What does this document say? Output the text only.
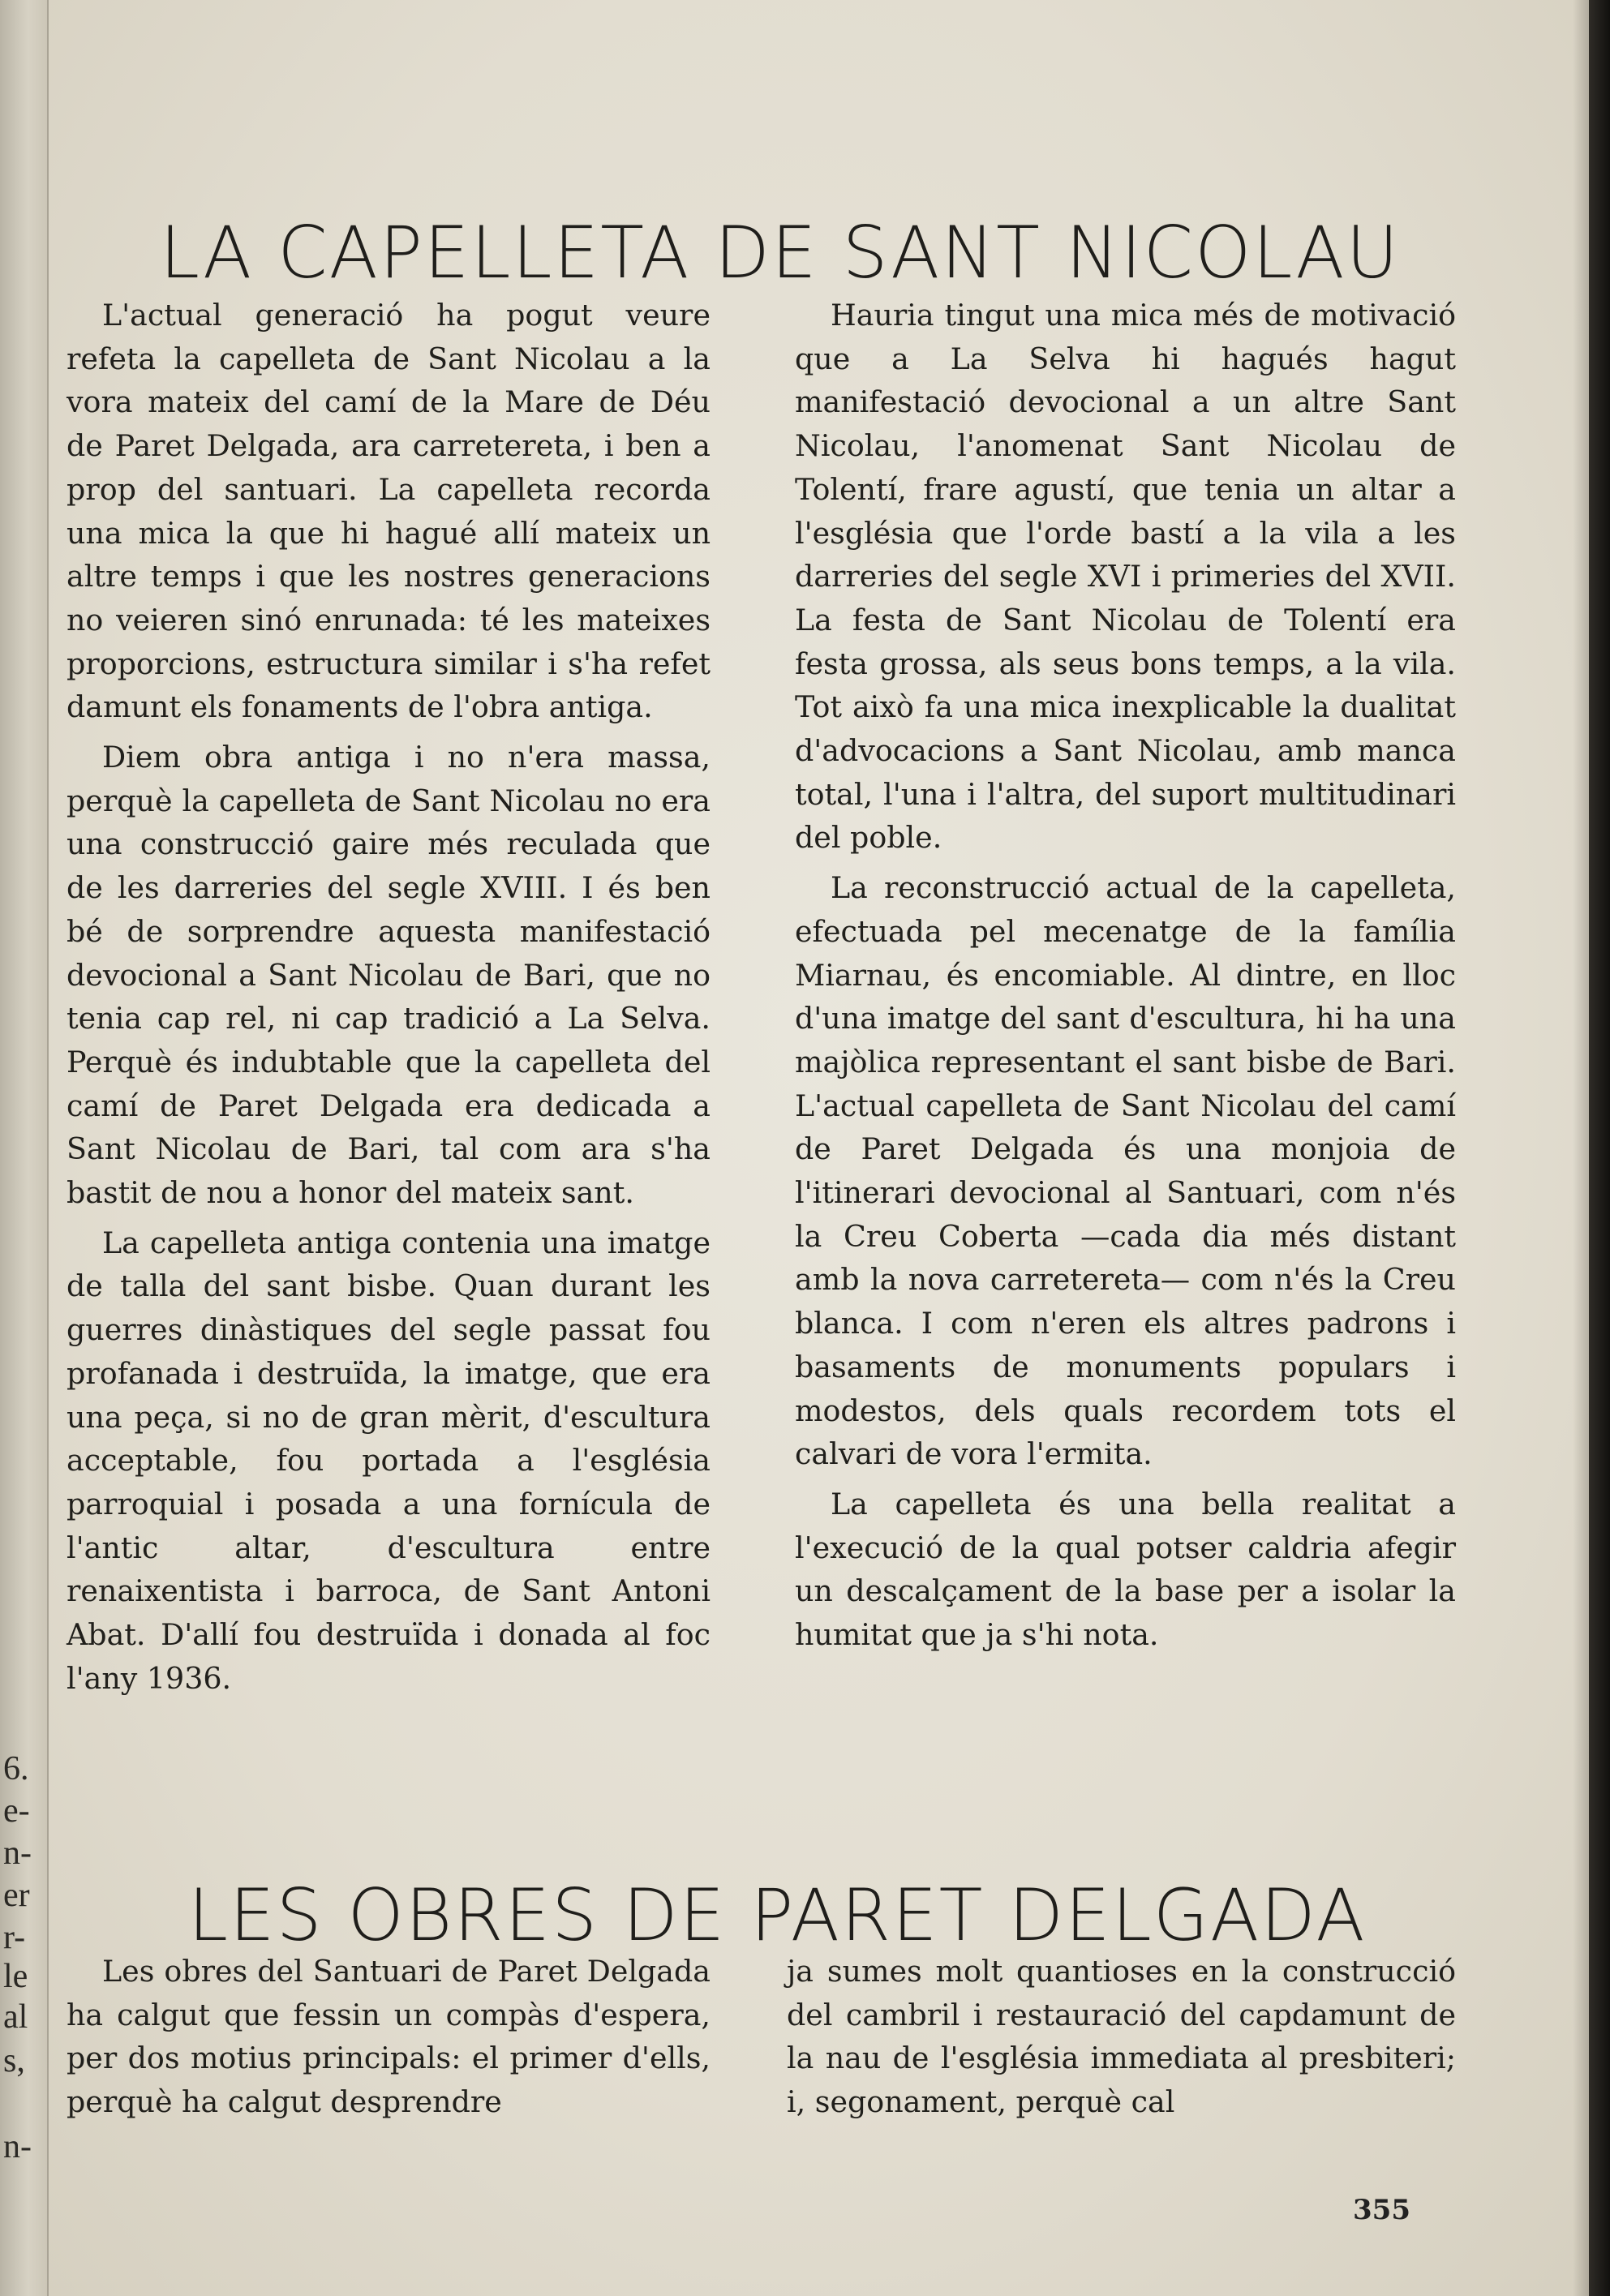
6.
e-
n-
er
r-
le
al
s,
n-
LA CAPELLETA DE SANT NICOLAU

L'actual generació ha pogut veure refeta la capelleta de Sant Nicolau a la vora mateix del camí de la Mare de Déu de Paret Delgada, ara carretereta, i ben a prop del santuari. La capelleta recorda una mica la que hi hagué allí mateix un altre temps i que les nostres generacions no veieren sinó enrunada: té les mateixes proporcions, estructura similar i s'ha refet damunt els fonaments de l'obra antiga.

Diem obra antiga i no n'era massa, perquè la capelleta de Sant Nicolau no era una construcció gaire més reculada que de les darreries del segle XVIII. I és ben bé de sorprendre aquesta manifestació devocional a Sant Nicolau de Bari, que no tenia cap rel, ni cap tradició a La Selva. Perquè és indubtable que la capelleta del camí de Paret Delgada era dedicada a Sant Nicolau de Bari, tal com ara s'ha bastit de nou a honor del mateix sant.

La capelleta antiga contenia una imatge de talla del sant bisbe. Quan durant les guerres dinàstiques del segle passat fou profanada i destruïda, la imatge, que era una peça, si no de gran mèrit, d'escultura acceptable, fou portada a l'església parroquial i posada a una fornícula de l'antic altar, d'escultura entre renaixentista i barroca, de Sant Antoni Abat. D'allí fou destruïda i donada al foc l'any 1936.

Hauria tingut una mica més de motivació que a La Selva hi hagués hagut manifestació devocional a un altre Sant Nicolau, l'anomenat Sant Nicolau de Tolentí, frare agustí, que tenia un altar a l'església que l'orde bastí a la vila a les darreries del segle XVI i primeries del XVII. La festa de Sant Nicolau de Tolentí era festa grossa, als seus bons temps, a la vila. Tot això fa una mica inexplicable la dualitat d'advocacions a Sant Nicolau, amb manca total, l'una i l'altra, del suport multitudinari del poble.

La reconstrucció actual de la capelleta, efectuada pel mecenatge de la família Miarnau, és encomiable. Al dintre, en lloc d'una imatge del sant d'escultura, hi ha una majòlica representant el sant bisbe de Bari. L'actual capelleta de Sant Nicolau del camí de Paret Delgada és una monjoia de l'itinerari devocional al Santuari, com n'és la Creu Coberta —cada dia més distant amb la nova carretereta— com n'és la Creu blanca. I com n'eren els altres padrons i basaments de monuments populars i modestos, dels quals recordem tots el calvari de vora l'ermita.

La capelleta és una bella realitat a l'execució de la qual potser caldria afegir un descalçament de la base per a isolar la humitat que ja s'hi nota.

LES OBRES DE PARET DELGADA

Les obres del Santuari de Paret Delgada ha calgut que fessin un compàs d'espera, per dos motius principals: el primer d'ells, perquè ha calgut desprendre

ja sumes molt quantioses en la construcció del cambril i restauració del capdamunt de la nau de l'església immediata al presbiteri; i, segonament, perquè cal

355
